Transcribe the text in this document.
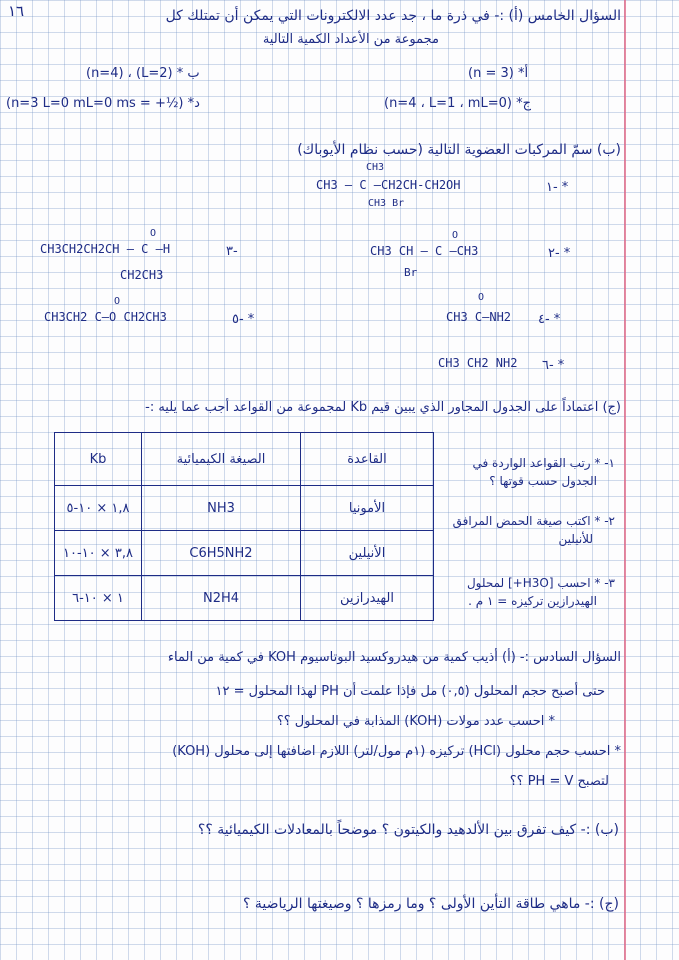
١٦	السؤال الخامس (أ) :- في ذرة ما ، جد عدد الالكترونات التي يمكن أن تمتلك كل
مجموعة من الأعداد الكمية التالية
(n = 3) *أ
(n=4) ، (L=2) * ب
(n=4 ، L=1 ، mL=0) *ج
(n=3 L=0 mL=0 ms = +½) *د
(ب) سمّ المركبات العضوية التالية (حسب نظام الأيوباك)
CH3
CH3 – C –CH2CH-CH2OH
CH3 Br
١- *
O
CH3CH2CH2CH – C –H
CH2CH3
٣-
O
CH3 CH – C –CH3
Br
٢- *
O
CH3CH2 C–O CH2CH3	٥- *
O
CH3 C–NH2 ٤- *
CH3 CH2 NH2 ٦- *
(ج) اعتماداً على الجدول المجاور الذي يبين قيم Kb لمجموعة من القواعد أجب عما يليه :-
Kb	الصيغة الكيميائية	القاعدة
١,٨ × ١٠-٥	NH3	الأمونيا
٣,٨ × ١٠-١٠	C6H5NH2	الأنيلين
١ × ١٠-٦	N2H4	الهيدرازين
١- * رتب القواعد الواردة في
الجدول حسب قوتها ؟
٢- * اكتب صيغة الحمض المرافق
للأنيلين
٣- * احسب [H3O+] لمحلول
الهيدرازين تركيزه = ١ م .
السؤال السادس :- (أ) أذيب كمية من هيدروكسيد البوتاسيوم KOH في كمية من الماء
حتى أصبح حجم المحلول (٠,٥) مل فإذا علمت أن PH لهذا المحلول = ١٢
* احسب عدد مولات (KOH) المذابة في المحلول ؟؟
* احسب حجم محلول (HCl) تركيزه (١م مول/لتر) اللازم اضافتها إلى محلول (KOH)
لتصبح PH = V ؟؟
(ب) :- كيف تفرق بين الألدهيد والكيتون ؟ موضحاً بالمعادلات الكيميائية ؟؟
(ج) :- ماهي طاقة التأين الأولى ؟ وما رمزها ؟ وصيغتها الرياضية ؟
